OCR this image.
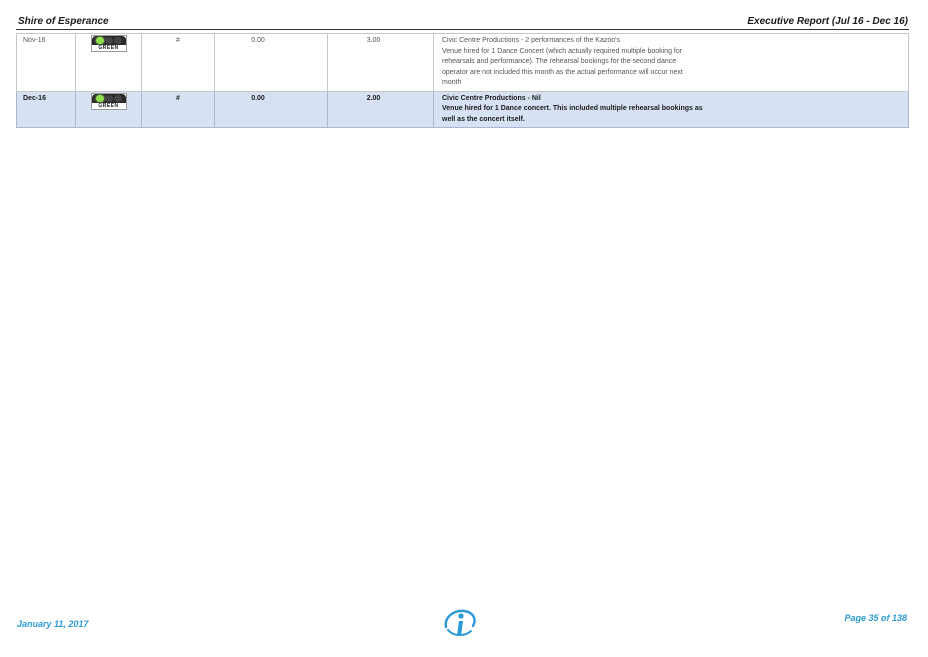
Shire of Esperance	Executive Report (Jul 16 - Dec 16)
Nov-16	GREEN	#	0.00	3.00	Civic Centre Productions - 2 performances of the Kazoo's
Venue hired for 1 Dance Concert (which actually required multiple booking for
rehearsals and performance). The rehearsal bookings for the second dance
operator are not included this month as the actual performance will occur next
month

Dec-16	GREEN	#	0.00	2.00	Civic Centre Productions - Nil
Venue hired for 1 Dance concert. This included multiple rehearsal bookings as
well as the concert itself.
January 11, 2017
Page 35 of 138
